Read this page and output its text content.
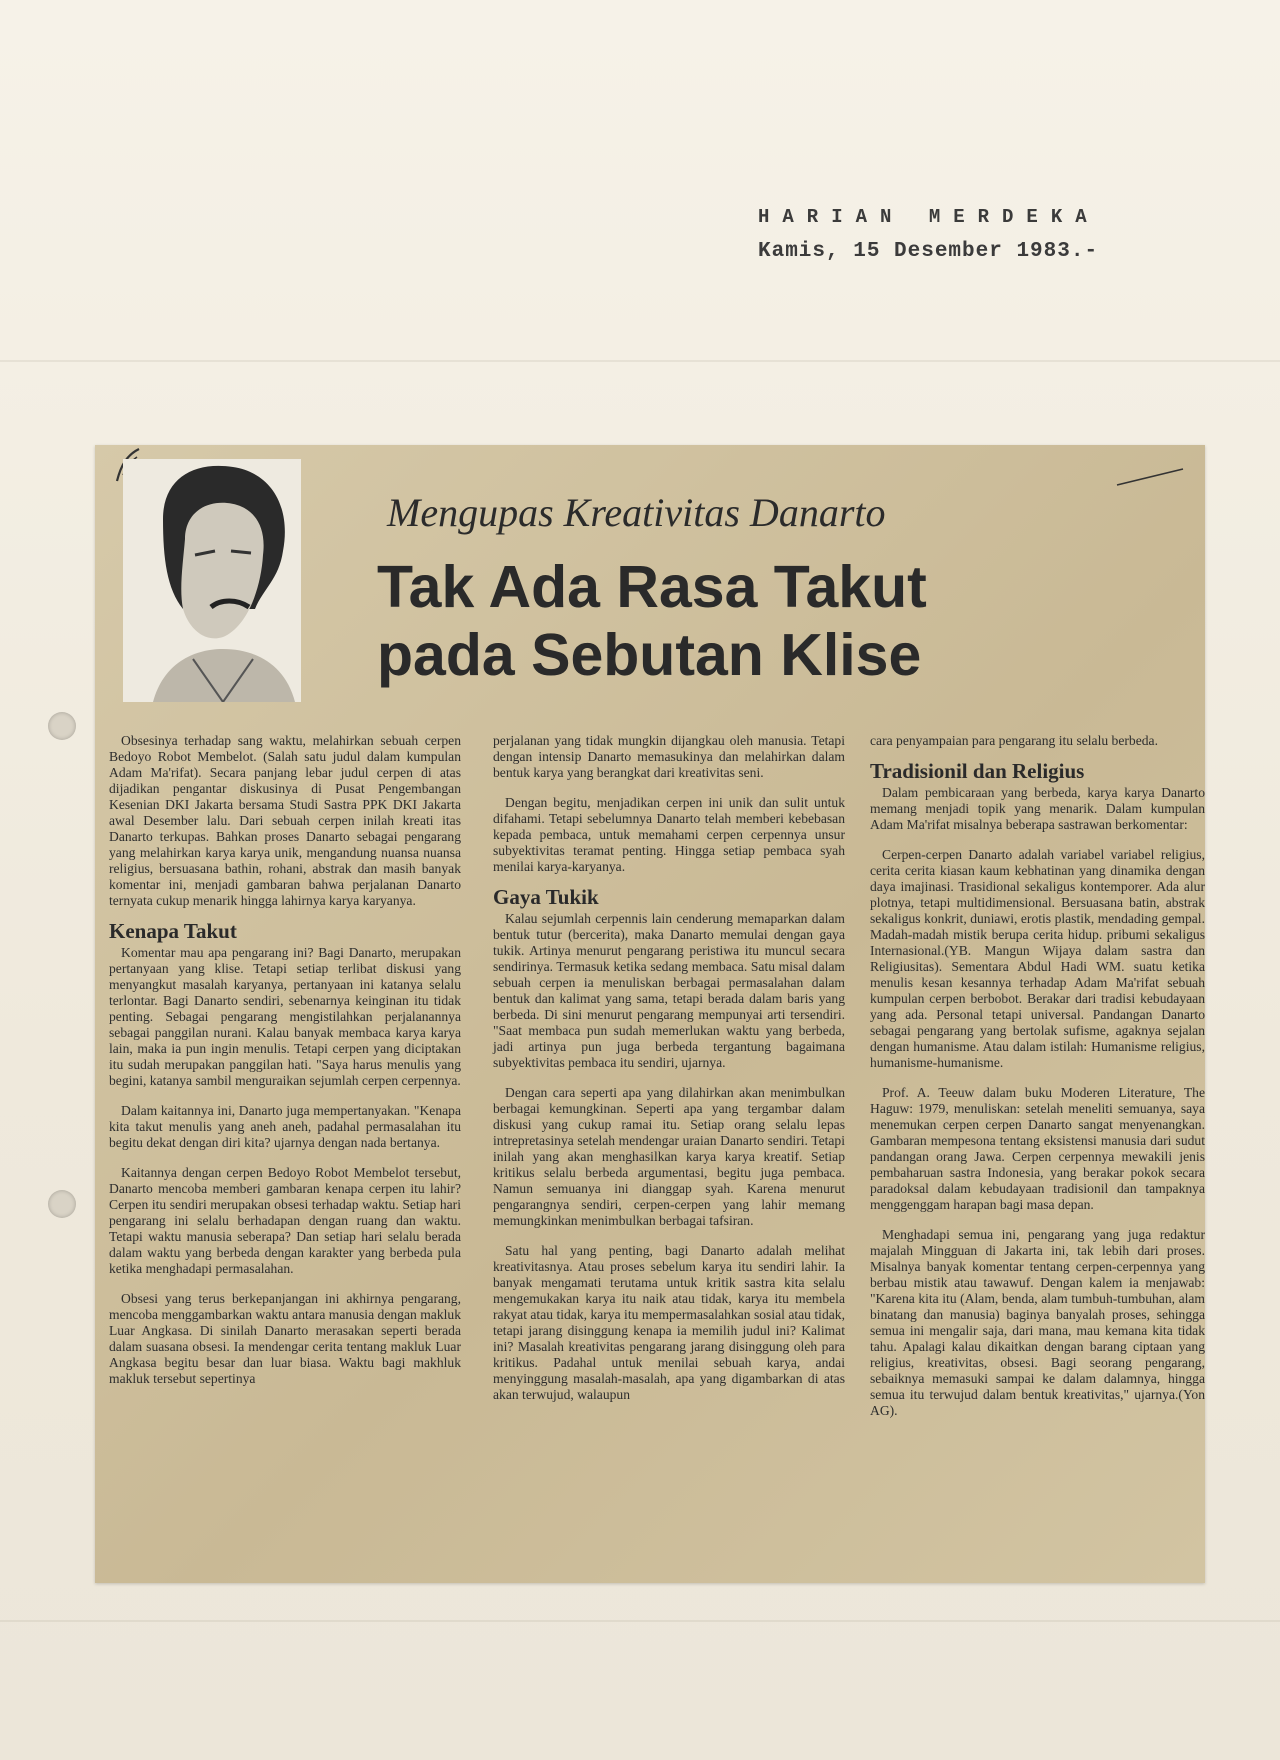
HARIAN MERDEKA

Kamis, 15 Desember 1983.-

Mengupas Kreativitas Danarto

Tak Ada Rasa Takut
pada Sebutan Klise

Obsesinya terhadap sang waktu, melahirkan sebuah cerpen Bedoyo Robot Membelot. (Salah satu judul dalam kumpulan Adam Ma'rifat). Secara panjang lebar judul cerpen di atas dijadikan pengantar diskusinya di Pusat Pengembangan Kesenian DKI Jakarta bersama Studi Sastra PPK DKI Jakarta awal Desember lalu. Dari sebuah cerpen inilah kreati itas Danarto terkupas. Bahkan proses Danarto sebagai pengarang yang melahirkan karya karya unik, mengandung nuansa nuansa religius, bersuasana bathin, rohani, abstrak dan masih banyak komentar ini, menjadi gambaran bahwa perjalanan Danarto ternyata cukup menarik hingga lahirnya karya karyanya.

Kenapa Takut

Komentar mau apa pengarang ini? Bagi Danarto, merupakan pertanyaan yang klise. Tetapi setiap terlibat diskusi yang menyangkut masalah karyanya, pertanyaan ini katanya selalu terlontar. Bagi Danarto sendiri, sebenarnya keinginan itu tidak penting. Sebagai pengarang mengistilahkan perjalanannya sebagai panggilan nurani. Kalau banyak membaca karya karya lain, maka ia pun ingin menulis. Tetapi cerpen yang diciptakan itu sudah merupakan panggilan hati. "Saya harus menulis yang begini, katanya sambil menguraikan sejumlah cerpen cerpennya.

Dalam kaitannya ini, Danarto juga mempertanyakan. "Kenapa kita takut menulis yang aneh aneh, padahal permasalahan itu begitu dekat dengan diri kita? ujarnya dengan nada bertanya.

Kaitannya dengan cerpen Bedoyo Robot Membelot tersebut, Danarto mencoba memberi gambaran kenapa cerpen itu lahir? Cerpen itu sendiri merupakan obsesi terhadap waktu. Setiap hari pengarang ini selalu berhadapan dengan ruang dan waktu. Tetapi waktu manusia seberapa? Dan setiap hari selalu berada dalam waktu yang berbeda dengan karakter yang berbeda pula ketika menghadapi permasalahan.

Obsesi yang terus berkepanjangan ini akhirnya pengarang, mencoba menggambarkan waktu antara manusia dengan makluk Luar Angkasa. Di sinilah Danarto merasakan seperti berada dalam suasana obsesi. Ia mendengar cerita tentang makluk Luar Angkasa begitu besar dan luar biasa. Waktu bagi makhluk makluk tersebut sepertinya

perjalanan yang tidak mungkin dijangkau oleh manusia. Tetapi dengan intensip Danarto memasukinya dan melahirkan dalam bentuk karya yang berangkat dari kreativitas seni.

Dengan begitu, menjadikan cerpen ini unik dan sulit untuk difahami. Tetapi sebelumnya Danarto telah memberi kebebasan kepada pembaca, untuk memahami cerpen cerpennya unsur subyektivitas teramat penting. Hingga setiap pembaca syah menilai karya-karyanya.

Gaya Tukik

Kalau sejumlah cerpennis lain cenderung memaparkan dalam bentuk tutur (bercerita), maka Danarto memulai dengan gaya tukik. Artinya menurut pengarang peristiwa itu muncul secara sendirinya. Termasuk ketika sedang membaca. Satu misal dalam sebuah cerpen ia menuliskan berbagai permasalahan dalam bentuk dan kalimat yang sama, tetapi berada dalam baris yang berbeda. Di sini menurut pengarang mempunyai arti tersendiri. "Saat membaca pun sudah memerlukan waktu yang berbeda, jadi artinya pun juga berbeda tergantung bagaimana subyektivitas pembaca itu sendiri, ujarnya.

Dengan cara seperti apa yang dilahirkan akan menimbulkan berbagai kemungkinan. Seperti apa yang tergambar dalam diskusi yang cukup ramai itu. Setiap orang selalu lepas intrepretasinya setelah mendengar uraian Danarto sendiri. Tetapi inilah yang akan menghasilkan karya karya kreatif. Setiap kritikus selalu berbeda argumentasi, begitu juga pembaca. Namun semuanya ini dianggap syah. Karena menurut pengarangnya sendiri, cerpen-cerpen yang lahir memang memungkinkan menimbulkan berbagai tafsiran.

Satu hal yang penting, bagi Danarto adalah melihat kreativitasnya. Atau proses sebelum karya itu sendiri lahir. Ia banyak mengamati terutama untuk kritik sastra kita selalu mengemukakan karya itu naik atau tidak, karya itu membela rakyat atau tidak, karya itu mempermasalahkan sosial atau tidak, tetapi jarang disinggung kenapa ia memilih judul ini? Kalimat ini? Masalah kreativitas pengarang jarang disinggung oleh para kritikus. Padahal untuk menilai sebuah karya, andai menyinggung masalah-masalah, apa yang digambarkan di atas akan terwujud, walaupun

cara penyampaian para pengarang itu selalu berbeda.

Tradisionil dan Religius

Dalam pembicaraan yang berbeda, karya karya Danarto memang menjadi topik yang menarik. Dalam kumpulan Adam Ma'rifat misalnya beberapa sastrawan berkomentar:

Cerpen-cerpen Danarto adalah variabel variabel religius, cerita cerita kiasan kaum kebhatinan yang dinamika dengan daya imajinasi. Trasidional sekaligus kontemporer. Ada alur plotnya, tetapi multidimensional. Bersuasana batin, abstrak sekaligus konkrit, duniawi, erotis plastik, mendading gempal. Madah-madah mistik berupa cerita hidup. pribumi sekaligus Internasional.(YB. Mangun Wijaya dalam sastra dan Religiusitas). Sementara Abdul Hadi WM. suatu ketika menulis kesan kesannya terhadap Adam Ma'rifat sebuah kumpulan cerpen berbobot. Berakar dari tradisi kebudayaan yang ada. Personal tetapi universal. Pandangan Danarto sebagai pengarang yang bertolak sufisme, agaknya sejalan dengan humanisme. Atau dalam istilah: Humanisme religius, humanisme-humanisme.

Prof. A. Teeuw dalam buku Moderen Literature, The Haguw: 1979, menuliskan: setelah meneliti semuanya, saya menemukan cerpen cerpen Danarto sangat menyenangkan. Gambaran mempesona tentang eksistensi manusia dari sudut pandangan orang Jawa. Cerpen cerpennya mewakili jenis pembaharuan sastra Indonesia, yang berakar pokok secara paradoksal dalam kebudayaan tradisionil dan tampaknya menggenggam harapan bagi masa depan.

Menghadapi semua ini, pengarang yang juga redaktur majalah Mingguan di Jakarta ini, tak lebih dari proses. Misalnya banyak komentar tentang cerpen-cerpennya yang berbau mistik atau tawawuf. Dengan kalem ia menjawab: "Karena kita itu (Alam, benda, alam tumbuh-tumbuhan, alam binatang dan manusia) baginya banyalah proses, sehingga semua ini mengalir saja, dari mana, mau kemana kita tidak tahu. Apalagi kalau dikaitkan dengan barang ciptaan yang religius, kreativitas, obsesi. Bagi seorang pengarang, sebaiknya memasuki sampai ke dalam dalamnya, hingga semua itu terwujud dalam bentuk kreativitas," ujarnya.(Yon AG).
